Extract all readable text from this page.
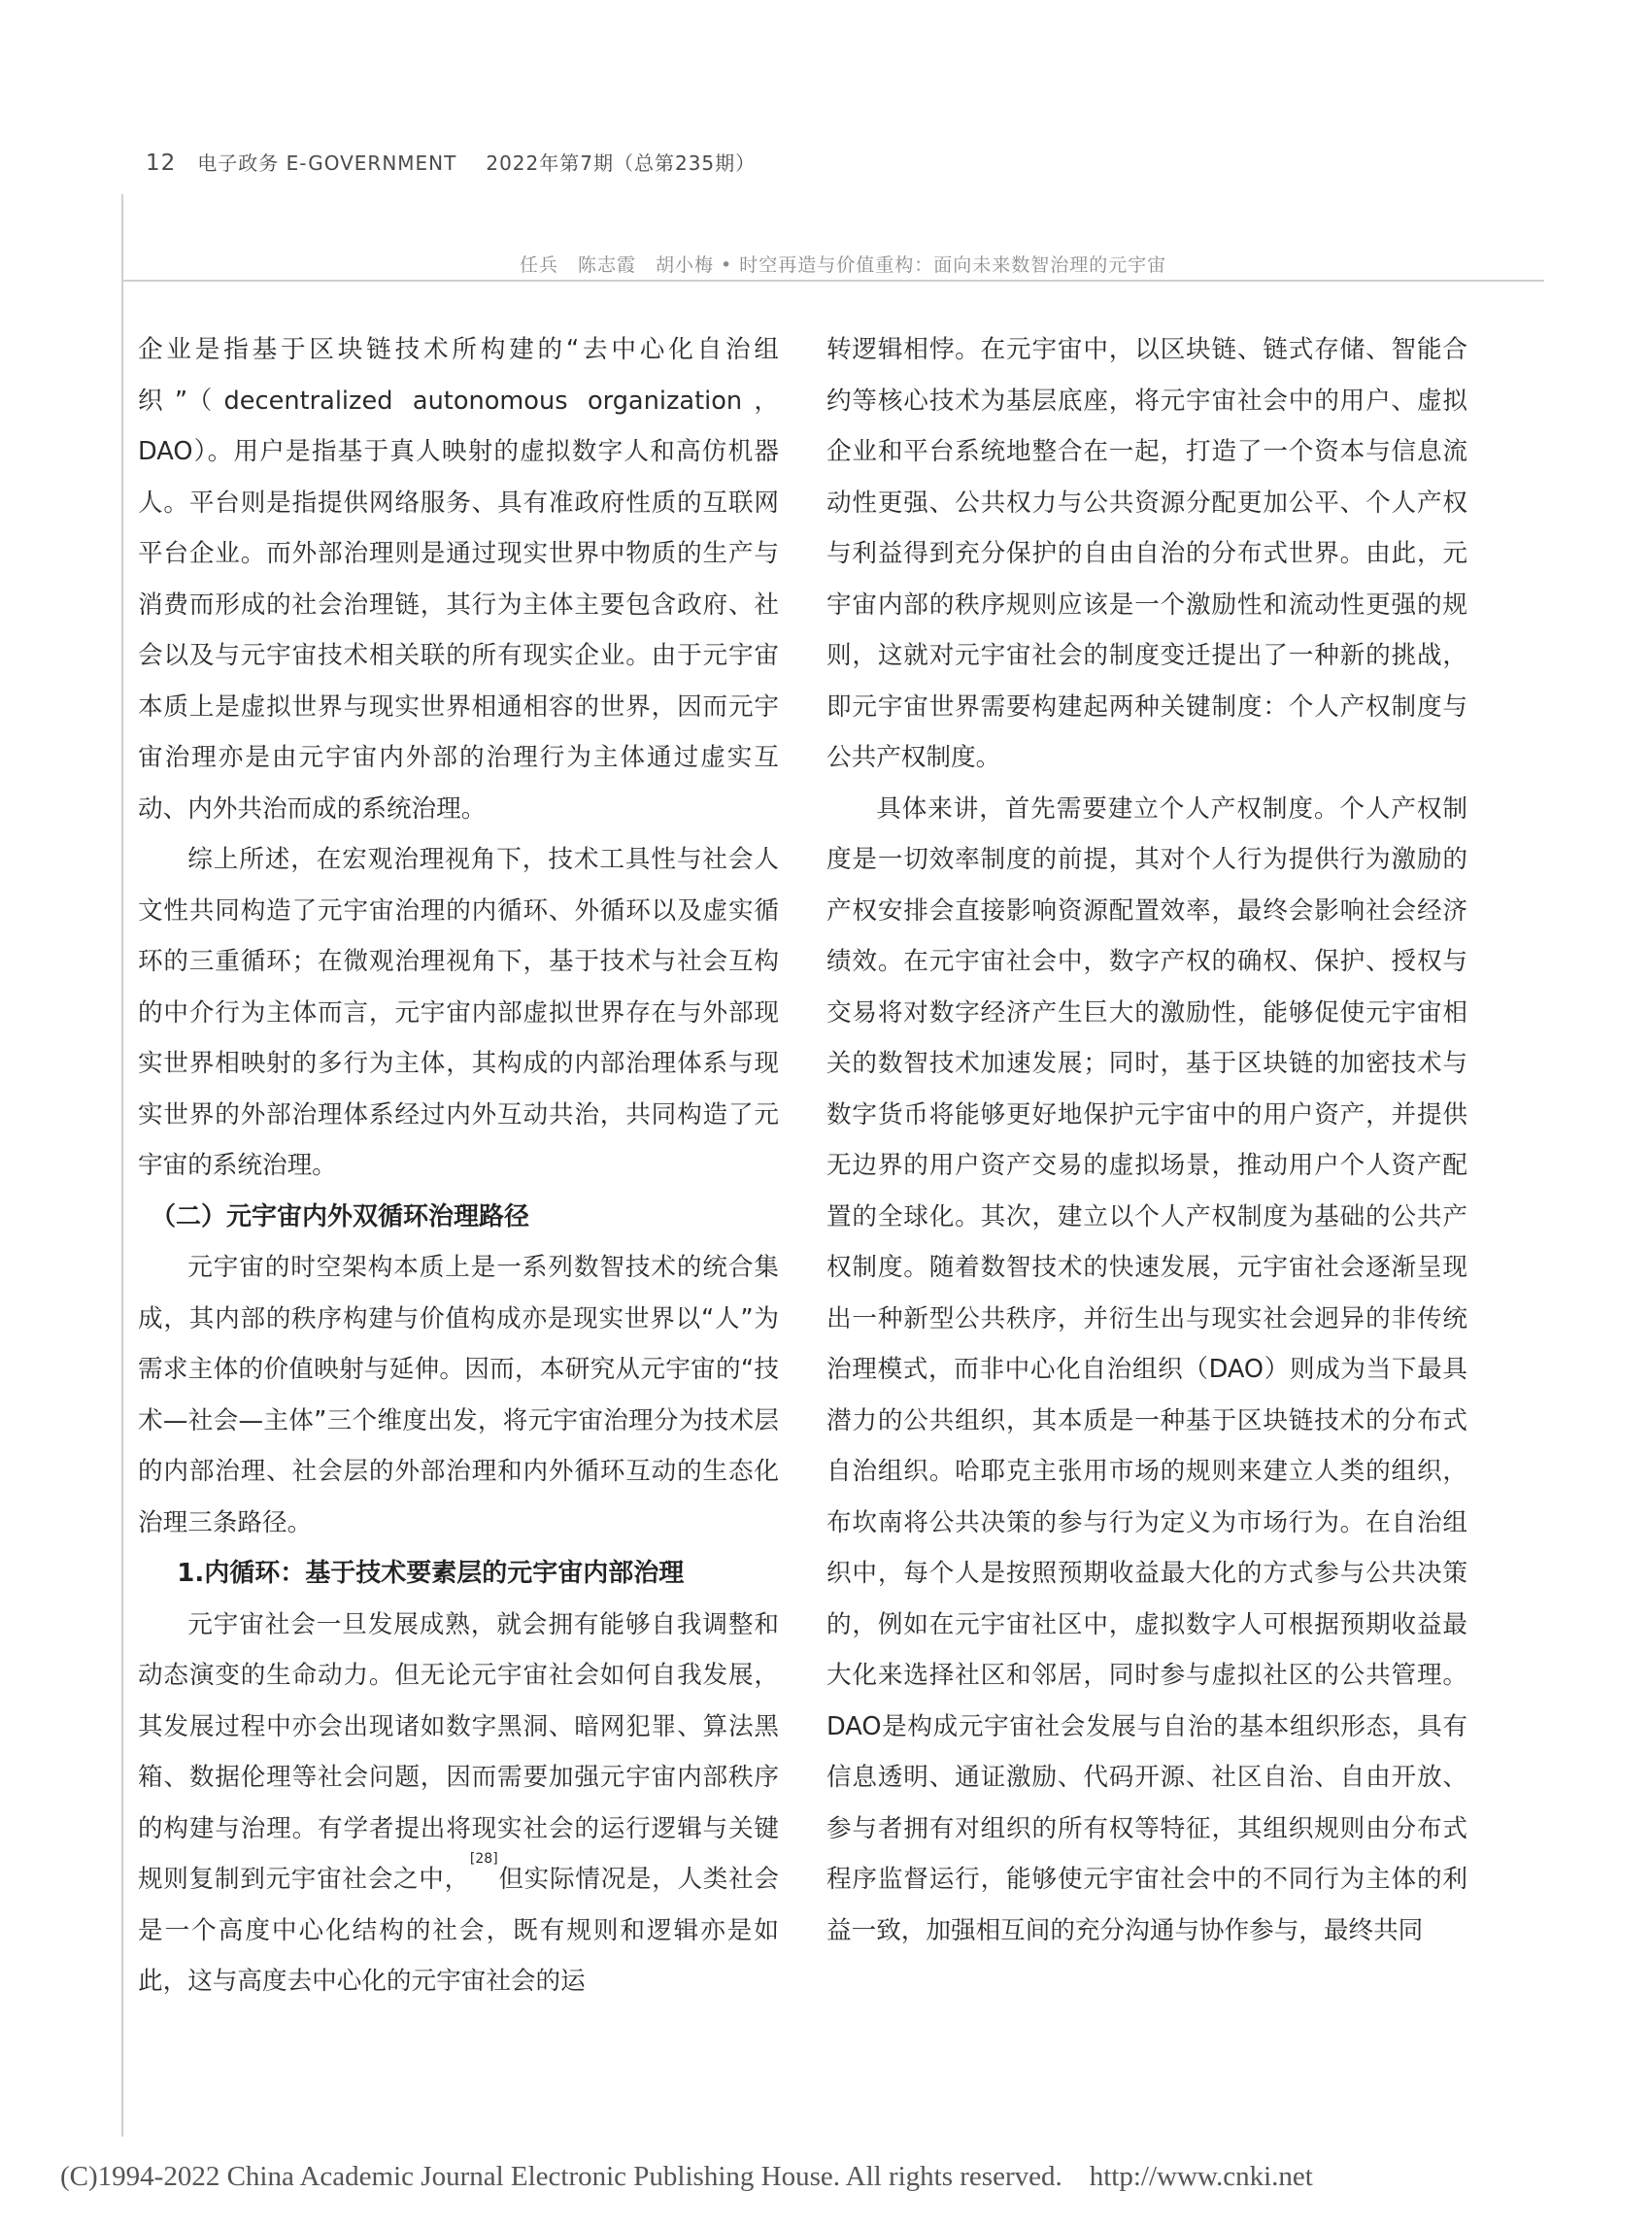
12 电子政务 E-GOVERNMENT 2022年第7期（总第235期）
任兵　陈志霞　胡小梅 • 时空再造与价值重构：面向未来数智治理的元宇宙

企业是指基于区块链技术所构建的“去中心化自治组织”（decentralized autonomous organization，DAO）。用户是指基于真人映射的虚拟数字人和高仿机器人。平台则是指提供网络服务、具有准政府性质的互联网平台企业。而外部治理则是通过现实世界中物质的生产与消费而形成的社会治理链，其行为主体主要包含政府、社会以及与元宇宙技术相关联的所有现实企业。由于元宇宙本质上是虚拟世界与现实世界相通相容的世界，因而元宇宙治理亦是由元宇宙内外部的治理行为主体通过虚实互动、内外共治而成的系统治理。

综上所述，在宏观治理视角下，技术工具性与社会人文性共同构造了元宇宙治理的内循环、外循环以及虚实循环的三重循环；在微观治理视角下，基于技术与社会互构的中介行为主体而言，元宇宙内部虚拟世界存在与外部现实世界相映射的多行为主体，其构成的内部治理体系与现实世界的外部治理体系经过内外互动共治，共同构造了元宇宙的系统治理。

（二）元宇宙内外双循环治理路径

元宇宙的时空架构本质上是一系列数智技术的统合集成，其内部的秩序构建与价值构成亦是现实世界以“人”为需求主体的价值映射与延伸。因而，本研究从元宇宙的“技术—社会—主体”三个维度出发，将元宇宙治理分为技术层的内部治理、社会层的外部治理和内外循环互动的生态化治理三条路径。

1.内循环：基于技术要素层的元宇宙内部治理

元宇宙社会一旦发展成熟，就会拥有能够自我调整和动态演变的生命动力。但无论元宇宙社会如何自我发展，其发展过程中亦会出现诸如数字黑洞、暗网犯罪、算法黑箱、数据伦理等社会问题，因而需要加强元宇宙内部秩序的构建与治理。有学者提出将现实社会的运行逻辑与关键规则复制到元宇宙社会之中，[28]但实际情况是，人类社会是一个高度中心化结构的社会，既有规则和逻辑亦是如此，这与高度去中心化的元宇宙社会的运

转逻辑相悖。在元宇宙中，以区块链、链式存储、智能合约等核心技术为基层底座，将元宇宙社会中的用户、虚拟企业和平台系统地整合在一起，打造了一个资本与信息流动性更强、公共权力与公共资源分配更加公平、个人产权与利益得到充分保护的自由自治的分布式世界。由此，元宇宙内部的秩序规则应该是一个激励性和流动性更强的规则，这就对元宇宙社会的制度变迁提出了一种新的挑战，即元宇宙世界需要构建起两种关键制度：个人产权制度与公共产权制度。

具体来讲，首先需要建立个人产权制度。个人产权制度是一切效率制度的前提，其对个人行为提供行为激励的产权安排会直接影响资源配置效率，最终会影响社会经济绩效。在元宇宙社会中，数字产权的确权、保护、授权与交易将对数字经济产生巨大的激励性，能够促使元宇宙相关的数智技术加速发展；同时，基于区块链的加密技术与数字货币将能够更好地保护元宇宙中的用户资产，并提供无边界的用户资产交易的虚拟场景，推动用户个人资产配置的全球化。其次，建立以个人产权制度为基础的公共产权制度。随着数智技术的快速发展，元宇宙社会逐渐呈现出一种新型公共秩序，并衍生出与现实社会迥异的非传统治理模式，而非中心化自治组织（DAO）则成为当下最具潜力的公共组织，其本质是一种基于区块链技术的分布式自治组织。哈耶克主张用市场的规则来建立人类的组织，布坎南将公共决策的参与行为定义为市场行为。在自治组织中，每个人是按照预期收益最大化的方式参与公共决策的，例如在元宇宙社区中，虚拟数字人可根据预期收益最大化来选择社区和邻居，同时参与虚拟社区的公共管理。DAO是构成元宇宙社会发展与自治的基本组织形态，具有信息透明、通证激励、代码开源、社区自治、自由开放、参与者拥有对组织的所有权等特征，其组织规则由分布式程序监督运行，能够使元宇宙社会中的不同行为主体的利益一致，加强相互间的充分沟通与协作参与，最终共同

(C)1994-2022 China Academic Journal Electronic Publishing House. All rights reserved. http://www.cnki.net
